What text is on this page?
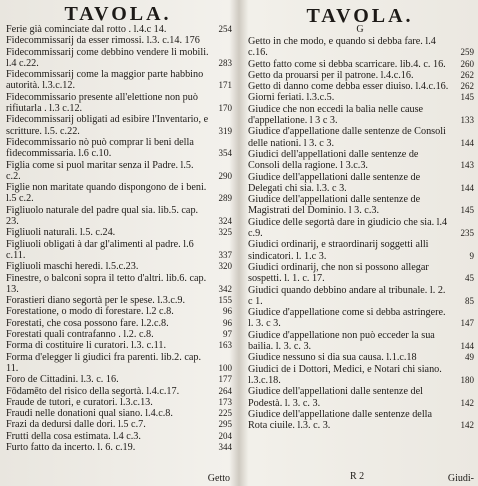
TAVOLA.
Ferie già cominciate dal rotto . l.4.c 14.	254
Fidecommissarij da esser rimossi. l.3. c.14. 176
Fidecommissarij come debbino vendere li mobili. l.4 c.22.	283
Fidecommissarij come la maggior parte habbino autorità. l.3.c.12.	171
Fidecommissario presente all'elettione non può rifiutarla . l.3 c.12.	170
Fidecommissarij obligati ad esibire l'Inventario, e scritture. l.5. c.22.	319
Fidecommissario nò può comprar li beni della fidecommissaria. l.6 c.10.	354
Figlia come si puol maritar senza il Padre. l.5. c.2.	290
Figlie non maritate quando dispongono de i beni. l.5 c.2.	289
Figliuolo naturale del padre qual sia. lib.5. cap. 23.	324
Figliuoli naturali. l.5. c.24.	325
Figliuoli obligati à dar gl'alimenti al padre. l.6 c.11.	337
Figliuoli maschi heredi. l.5.c.23.	320
Finestre, o balconi sopra il tetto d'altri. lib.6. cap. 13.	342
Forastieri diano segortà per le spese. l.3.c.9.	155
Forestatione, o modo di forestare. l.2 c.8.	96
Forestati, che cosa possono fare. l.2.c.8.	96
Forestati quali contrafanno . l.2. c.8.	97
Forma di costituire li curatori. l.3. c.11.	163
Forma d'elegger li giudici fra parenti. lib.2. cap. 11.	100
Foro de Cittadini. l.3. c. 16.	177
Fōdamēto del risico della segortà. l.4.c.17.	264
Fraude de tutori, e curatori. l.3.c.13.	173
Fraudi nelle donationi qual siano. l.4.c.8.	225
Frazi da dedursi dalle dori. l.5 c.7.	295
Frutti della cosa estimata. l.4 c.3.	204
Furto fatto da incerto. l. 6. c.19.	344
Getto
TAVOLA.
G
Getto in che modo, e quando si debba fare. l.4 c.16.	259
Getto fatto come si debba scarricare. lib.4. c. 16. 260
Getto da prouarsi per il patrone. l.4.c.16.	262
Getto di danno come debba esser diuiso. l.4.c.16. 262
Giorni feriati. l.3.c.5.	145
Giudice che non eccedi la balìa nelle cause d'appellatione. l 3 c 3.	133
Giudice d'appellatione dalle sentenze de Consoli delle nationi. l 3. c 3.	144
Giudici dell'appellationi dalle sentenze de Consoli della ragione. l 3.c.3.	143
Giudice dell'appellationi dalle sentenze de Delegati chi sia. l.3. c 3.	144
Giudice dell'appellationi dalle sentenze de Magistrati del Dominio. l 3. c.3.	145
Giudice delle segortà dare in giudicio che sia. l.4 c.9.	235
Giudici ordinarij, e straordinarij soggetti alli sindicatori. l. 1.c 3.	9
Giudici ordinarij, che non si possono allegar sospetti. l. 1. c. 17.	45
Giudici quando debbino andare al tribunale. l. 2. c 1.	85
Giudice d'appellatione come si debba astringere. l. 3. c 3.	147
Giudice d'appellatione non può ecceder la sua bailia. l. 3. c. 3.	144
Giudice nessuno si dia sua causa. l.1.c.18	49
Giudici de i Dottori, Medici, e Notari chi siano. l.3.c.18.	180
Giudice dell'appellationi dalle sentenze del Podestà. l. 3. c. 3.	142
Giudice dell'appellatione dalle sentenze della Rota ciuile. l.3. c. 3.	142
R 2	Giudi-
